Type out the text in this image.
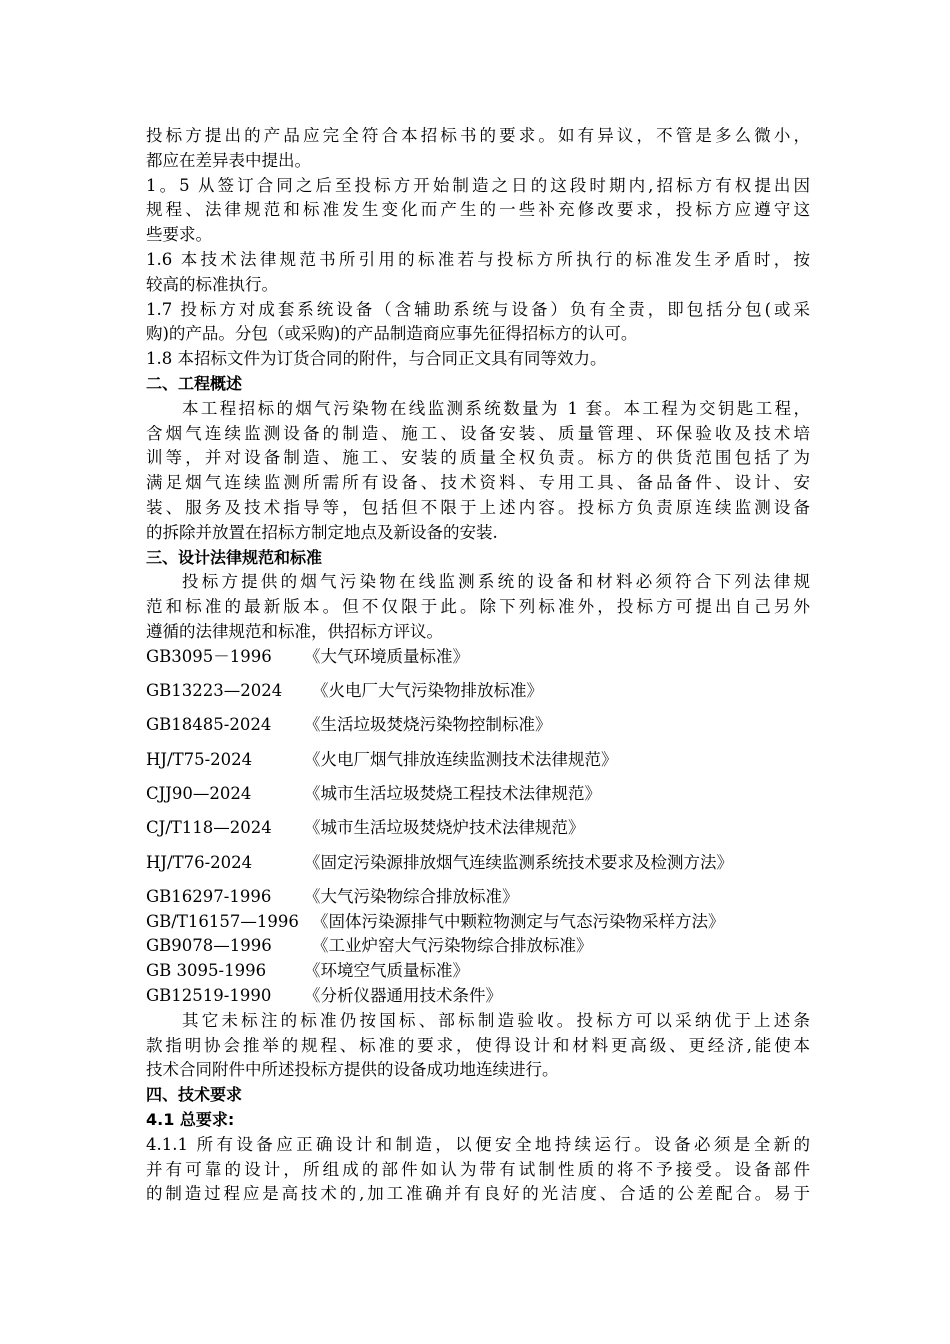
投标方提出的产品应完全符合本招标书的要求。如有异议，不管是多么微小，
都应在差异表中提出。
1。5 从签订合同之后至投标方开始制造之日的这段时期内,招标方有权提出因
规程、法律规范和标准发生变化而产生的一些补充修改要求，投标方应遵守这
些要求。
1.6 本技术法律规范书所引用的标准若与投标方所执行的标准发生矛盾时，按
较高的标准执行。
1.7 投标方对成套系统设备（含辅助系统与设备）负有全责，即包括分包(或采
购)的产品。分包（或采购)的产品制造商应事先征得招标方的认可。
1.8 本招标文件为订货合同的附件，与合同正文具有同等效力。
二、工程概述
本工程招标的烟气污染物在线监测系统数量为 1 套。本工程为交钥匙工程，
含烟气连续监测设备的制造、施工、设备安装、质量管理、环保验收及技术培
训等，并对设备制造、施工、安装的质量全权负责。标方的供货范围包括了为
满足烟气连续监测所需所有设备、技术资料、专用工具、备品备件、设计、安
装、服务及技术指导等，包括但不限于上述内容。投标方负责原连续监测设备
的拆除并放置在招标方制定地点及新设备的安装.
三、设计法律规范和标准
投标方提供的烟气污染物在线监测系统的设备和材料必须符合下列法律规
范和标准的最新版本。但不仅限于此。除下列标准外，投标方可提出自己另外
遵循的法律规范和标准，供招标方评议。
GB3095－1996	《大气环境质量标准》
GB13223—2024	《火电厂大气污染物排放标准》
GB18485-2024	《生活垃圾焚烧污染物控制标准》
HJ/T75-2024	《火电厂烟气排放连续监测技术法律规范》
CJJ90—2024	《城市生活垃圾焚烧工程技术法律规范》
CJ/T118—2024	《城市生活垃圾焚烧炉技术法律规范》
HJ/T76-2024	《固定污染源排放烟气连续监测系统技术要求及检测方法》
GB16297-1996	《大气污染物综合排放标准》
GB/T16157—1996 《固体污染源排气中颗粒物测定与气态污染物采样方法》
GB9078—1996	《工业炉窑大气污染物综合排放标准》
GB 3095-1996	《环境空气质量标准》
GB12519-1990	《分析仪器通用技术条件》
其它未标注的标准仍按国标、部标制造验收。投标方可以采纳优于上述条
款指明协会推举的规程、标准的要求，使得设计和材料更高级、更经济,能使本
技术合同附件中所述投标方提供的设备成功地连续进行。
四、技术要求
4.1 总要求:
4.1.1 所有设备应正确设计和制造，以便安全地持续运行。设备必须是全新的
并有可靠的设计，所组成的部件如认为带有试制性质的将不予接受。设备部件
的制造过程应是高技术的,加工准确并有良好的光洁度、合适的公差配合。易于
